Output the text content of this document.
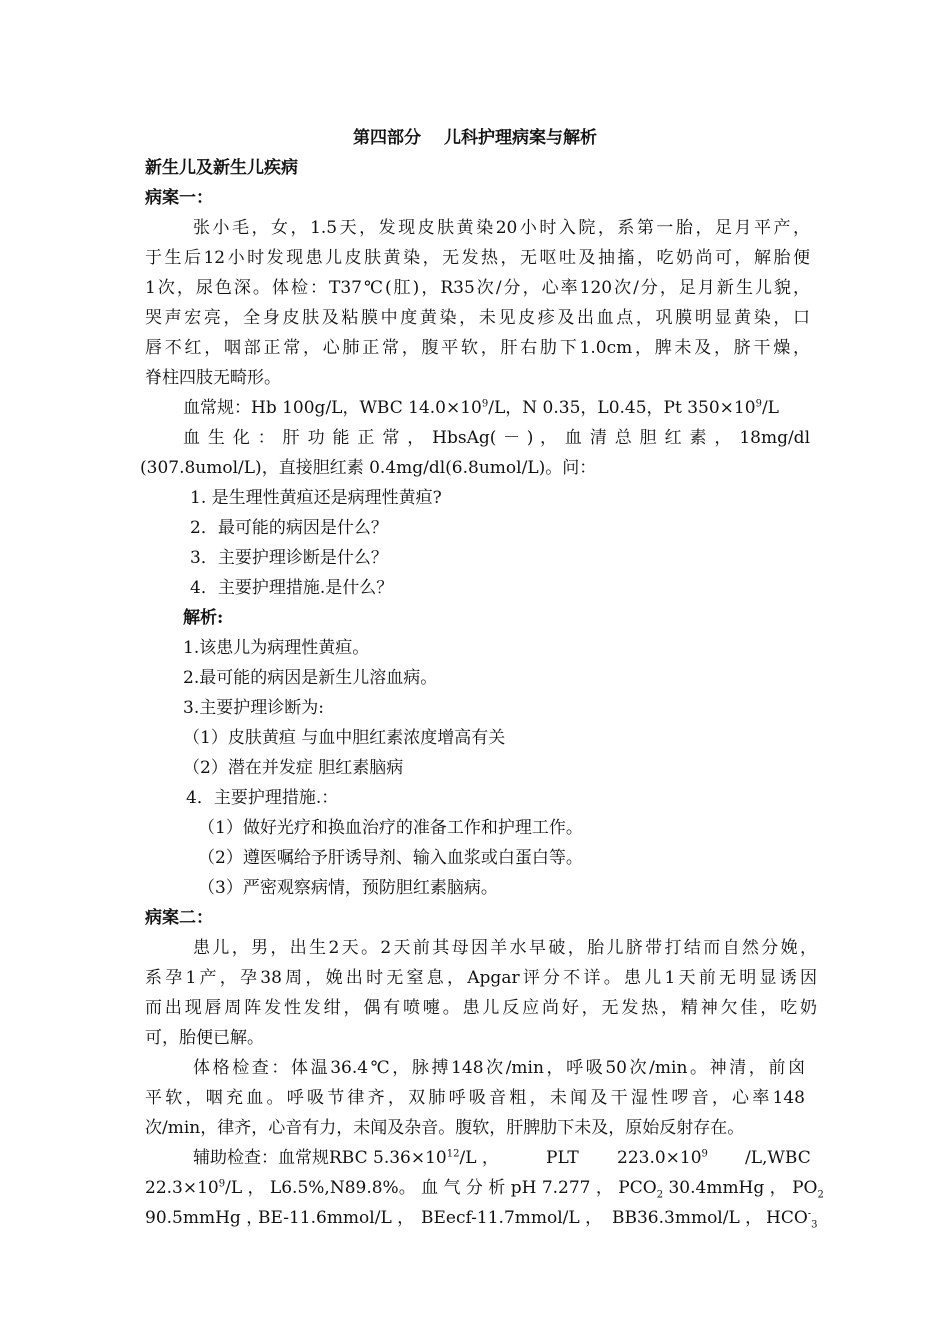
第四部分　 儿科护理病案与解析
新生儿及新生儿疾病
病案一：
张小毛，女，1.5天，发现皮肤黄染20小时入院，系第一胎，足月平产，
于生后12小时发现患儿皮肤黄染，无发热，无呕吐及抽搐，吃奶尚可，解胎便
1次，尿色深。体检：T37℃(肛)，R35次/分，心率120次/分，足月新生儿貌，
哭声宏亮，全身皮肤及粘膜中度黄染，未见皮疹及出血点，巩膜明显黄染，口
唇不红，咽部正常，心肺正常，腹平软，肝右肋下1.0cm，脾未及，脐干燥，
脊柱四肢无畸形。
血常规：Hb 100g/L，WBC $14.0\times 10^9/L$，N 0.35，L0.45，Pt $350\times 10^9/L$
血 生 化 ： 肝 功 能 正 常 ， HbsAg( － ) ， 血 清 总 胆 红 素 ， 18mg/dl
(307.8umol/L)，直接胆红素 0.4mg/dl(6.8umol/L)。问：
1. 是生理性黄疸还是病理性黄疸?
2．最可能的病因是什么？
3．主要护理诊断是什么？
4．主要护理措施.是什么？
解析:
1.该患儿为病理性黄疸。
2.最可能的病因是新生儿溶血病。
3.主要护理诊断为:
（1）皮肤黄疸 与血中胆红素浓度增高有关
（2）潜在并发症 胆红素脑病
4．主要护理措施.：
（1）做好光疗和换血治疗的准备工作和护理工作。
（2）遵医嘱给予肝诱导剂、输入血浆或白蛋白等。
（3）严密观察病情，预防胆红素脑病。
病案二：
患儿，男，出生2天。2天前其母因羊水早破，胎儿脐带打结而自然分娩，
系孕1产，孕38周，娩出时无窒息，Apgar评分不详。患儿1天前无明显诱因
而出现唇周阵发性发绀，偶有喷嚏。患儿反应尚好，无发热，精神欠佳，吃奶
可，胎便已解。
体格检查：体温36.4℃，脉搏148次/min，呼吸50次/min。神清，前囟
平软，咽充血。呼吸节律齐，双肺呼吸音粗，未闻及干湿性啰音，心率148
次/min，律齐，心音有力，未闻及杂音。腹软，肝脾肋下未及，原始反射存在。
辅助检查：血常规RBC $5.36\times 10^{12}/L$ ，	PLT $223.0\times 10^9$ /L,WBC
$22.3\times 10^9/L$ ， L6.5%,N89.8%。 血 气 分 析 pH 7.277 ， $PCO_2$ 30.4mmHg ， $PO_2$
90.5mmHg ，
BE-11.6mmol/L ， BEecf-11.7mmol/L ， BB36.3mmol/L ， $HCO^-_3$
